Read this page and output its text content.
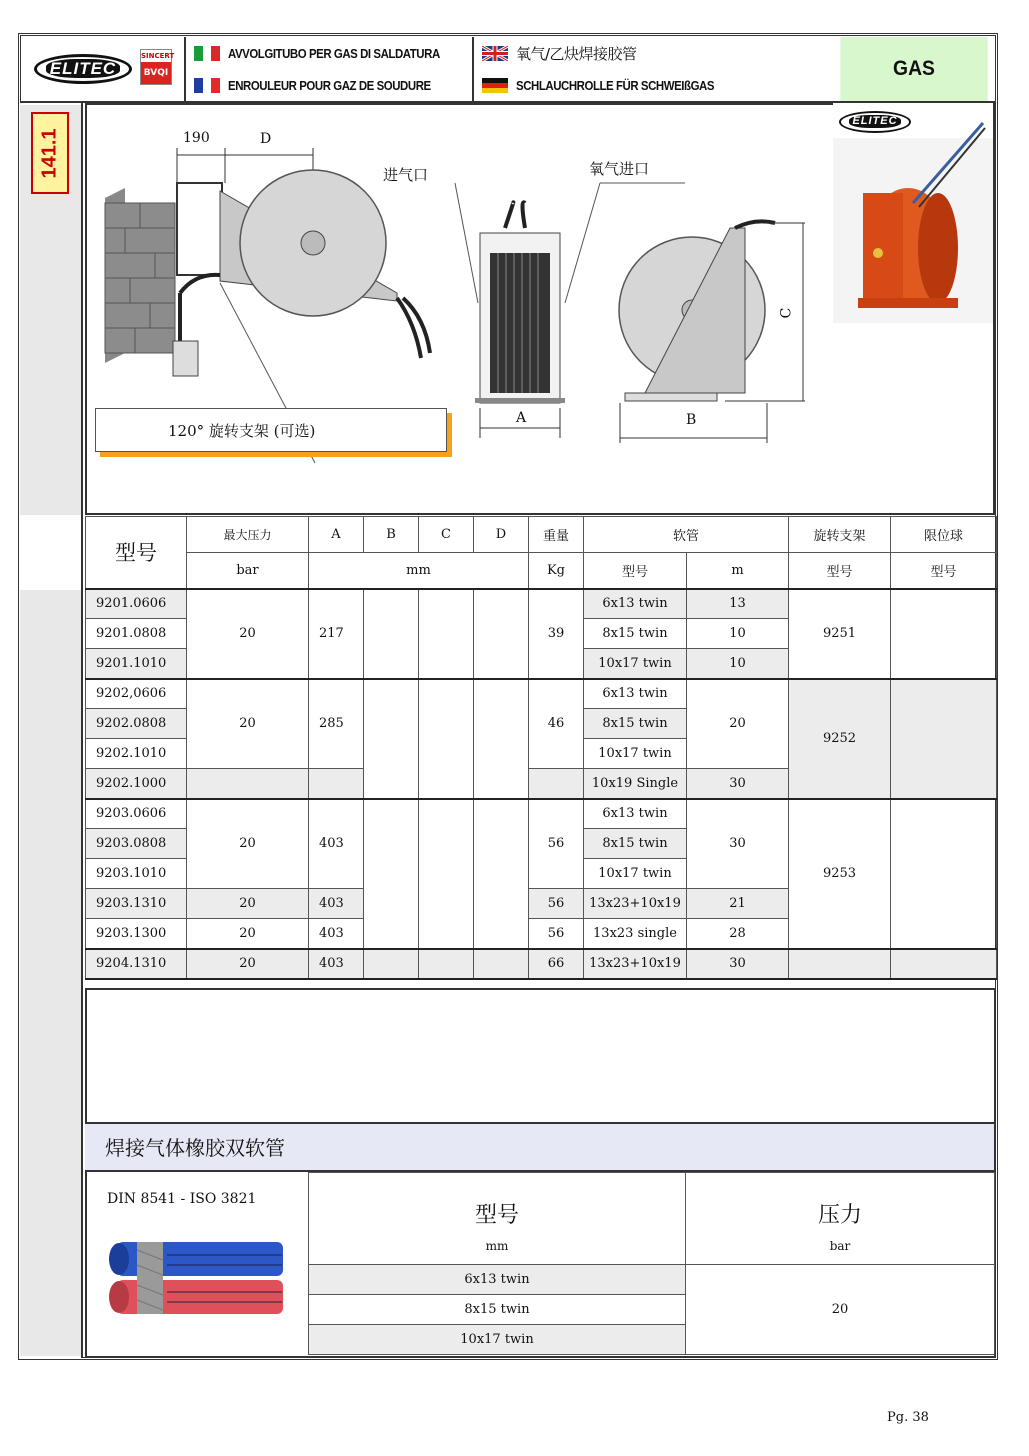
ELITEC
SINCERT
BVQI
AVVOLGITUBO PER GAS DI SALDATURA
ENROULEUR POUR GAZ DE SOUDURE
氧气/乙炔焊接胶管
SCHLAUCHROLLE FÜR SCHWEIßGAS
GAS
141.1	190	D
进气口	氧气进口
A	B
C
120° 旋转支架 (可选)
ELITEC
型号	最大压力	A	B	C	D	重量	软管		旋转支架	限位球
	bar	mm				Kg	型号	m	型号	型号
9201.0606	20	217				39	6x13 twin	13	9251	
9201.0808							8x15 twin	10		
9201.1010							10x17 twin	10		
9202,0606	20	285				46	6x13 twin	20	9252	
9202.0808							8x15 twin			
9202.1010							10x17 twin			
9202.1000							10x19 Single	30		
9203.0606	20	403				56	6x13 twin	30	9253	
9203.0808							8x15 twin			
9203.1010							10x17 twin			
9203.1310	20	403				56	13x23+10x19	21		
9203.1300	20	403				56	13x23 single	28		
9204.1310	20	403				66	13x23+10x19	30		
焊接气体橡胶双软管
DIN 8541 - ISO 3821
型号	压力
mm	bar
6x13 twin	20
8x15 twin	
10x17 twin	
Pg. 38
